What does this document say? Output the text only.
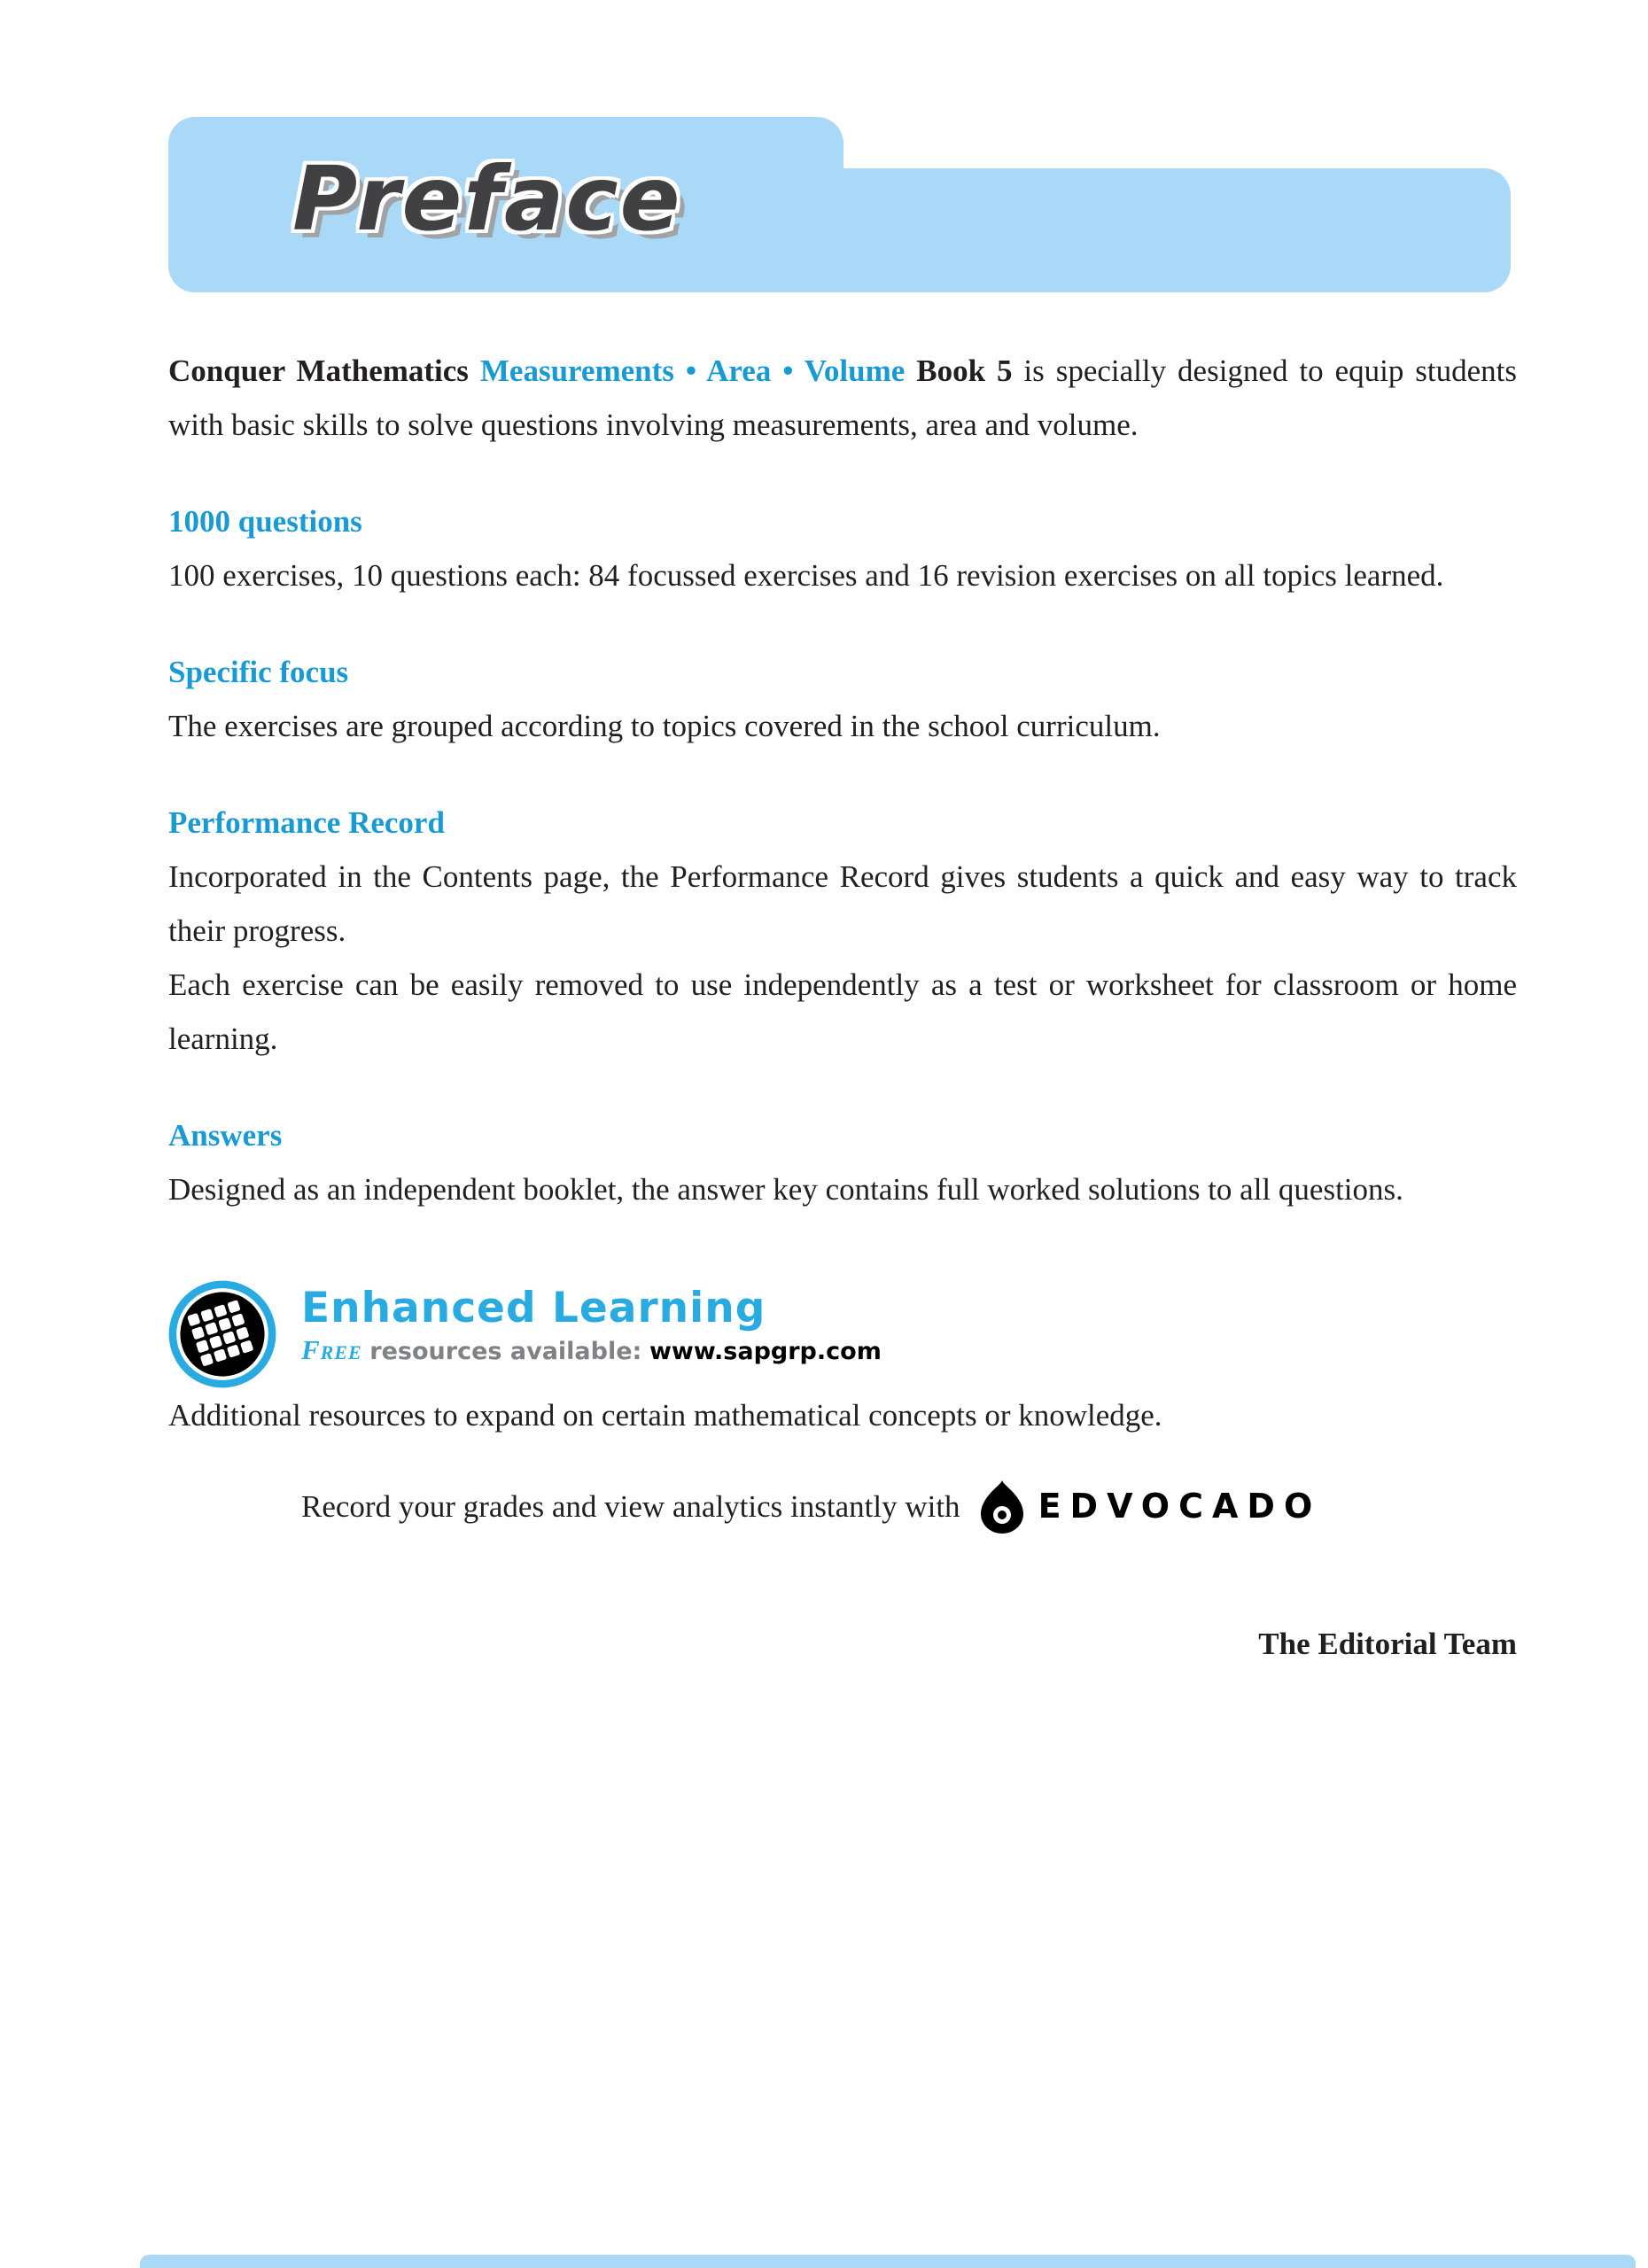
Preface

Conquer Mathematics Measurements • Area • Volume Book 5 is specially designed to equip students with basic skills to solve questions involving measurements, area and volume.

1000 questions

100 exercises, 10 questions each: 84 focussed exercises and 16 revision exercises on all topics learned.

Specific focus

The exercises are grouped according to topics covered in the school curriculum.

Performance Record

Incorporated in the Contents page, the Performance Record gives students a quick and easy way to track their progress.

Each exercise can be easily removed to use independently as a test or worksheet for classroom or home learning.

Answers

Designed as an independent booklet, the answer key contains full worked solutions to all questions.

Enhanced Learning
Free resources available: www.sapgrp.com

Additional resources to expand on certain mathematical concepts or knowledge.

Record your grades and view analytics instantly with EDVOCADO
The Editorial Team
